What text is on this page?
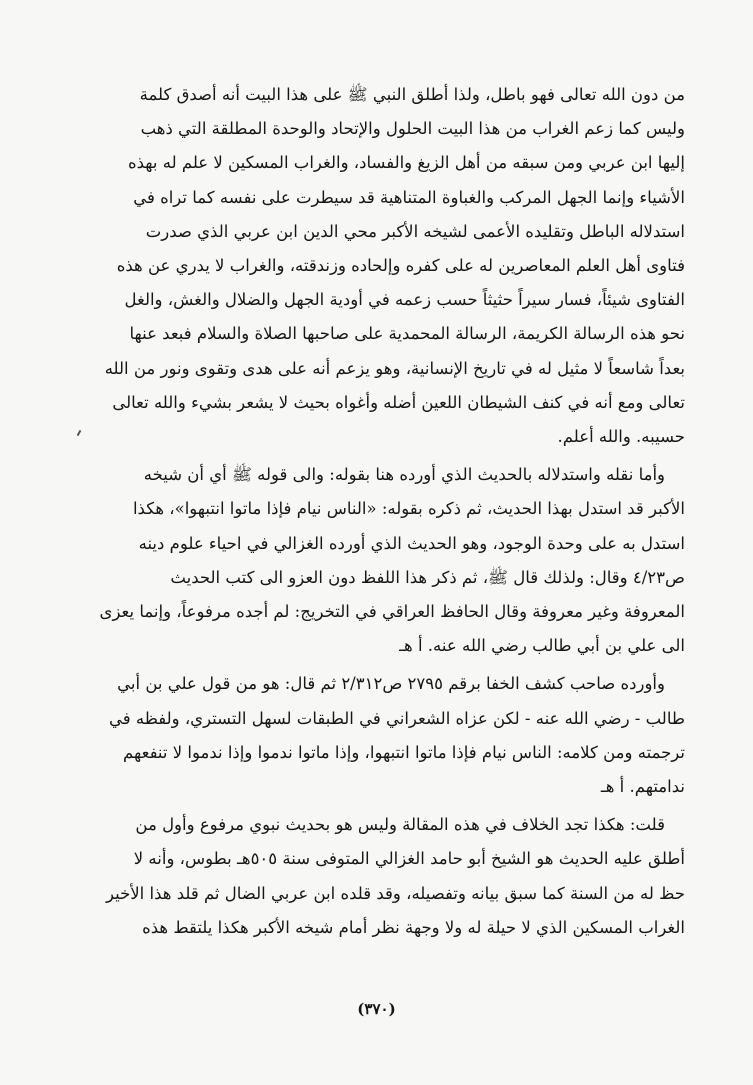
من دون الله تعالى فهو باطل، ولذا أطلق النبي ﷺ على هذا البيت أنه أصدق كلمة
وليس كما زعم الغراب من هذا البيت الحلول والإتحاد والوحدة المطلقة التي ذهب
إليها ابن عربي ومن سبقه من أهل الزيغ والفساد، والغراب المسكين لا علم له بهذه
الأشياء وإنما الجهل المركب والغباوة المتناهية قد سيطرت على نفسه كما تراه في
استدلاله الباطل وتقليده الأعمى لشيخه الأكبر محي الدين ابن عربي الذي صدرت
فتاوى أهل العلم المعاصرين له على كفره وإلحاده وزندقته، والغراب لا يدري عن هذه
الفتاوى شيئاً، فسار سيراً حثيثاً حسب زعمه في أودية الجهل والضلال والغش، والغل
نحو هذه الرسالة الكريمة، الرسالة المحمدية على صاحبها الصلاة والسلام فبعد عنها
بعداً شاسعاً لا مثيل له في تاريخ الإنسانية، وهو يزعم أنه على هدى وتقوى ونور من الله
تعالى ومع أنه في كنف الشيطان اللعين أضله وأغواه بحيث لا يشعر بشيء والله تعالى
حسيبه. والله أعلم.
وأما نقله واستدلاله بالحديث الذي أورده هنا بقوله: والى قوله ﷺ أي أن شيخه
الأكبر قد استدل بهذا الحديث، ثم ذكره بقوله: «الناس نيام فإذا ماتوا انتبهوا»، هكذا
استدل به على وحدة الوجود، وهو الحديث الذي أورده الغزالي في احياء علوم دينه
ص٤/٢٣ وقال: ولذلك قال ﷺ، ثم ذكر هذا اللفظ دون العزو الى كتب الحديث
المعروفة وغير معروفة وقال الحافظ العراقي في التخريج: لم أجده مرفوعاً، وإنما يعزى
الى علي بن أبي طالب رضي الله عنه. أ هـ
وأورده صاحب كشف الخفا برقم ٢٧٩٥ ص٢/٣١٢ ثم قال: هو من قول علي بن أبي
طالب - رضي الله عنه - لكن عزاه الشعراني في الطبقات لسهل التستري، ولفظه في
ترجمته ومن كلامه: الناس نيام فإذا ماتوا انتبهوا، وإذا ماتوا ندموا وإذا ندموا لا تنفعهم
ندامتهم. أ هـ
قلت: هكذا تجد الخلاف في هذه المقالة وليس هو بحديث نبوي مرفوع وأول من
أطلق عليه الحديث هو الشيخ أبو حامد الغزالي المتوفى سنة ٥٠٥هـ بطوس، وأنه لا
حظ له من السنة كما سبق بيانه وتفصيله، وقد قلده ابن عربي الضال ثم قلد هذا الأخير
الغراب المسكين الذي لا حيلة له ولا وجهة نظر أمام شيخه الأكبر هكذا يلتقط هذه
(٣٧٠)
